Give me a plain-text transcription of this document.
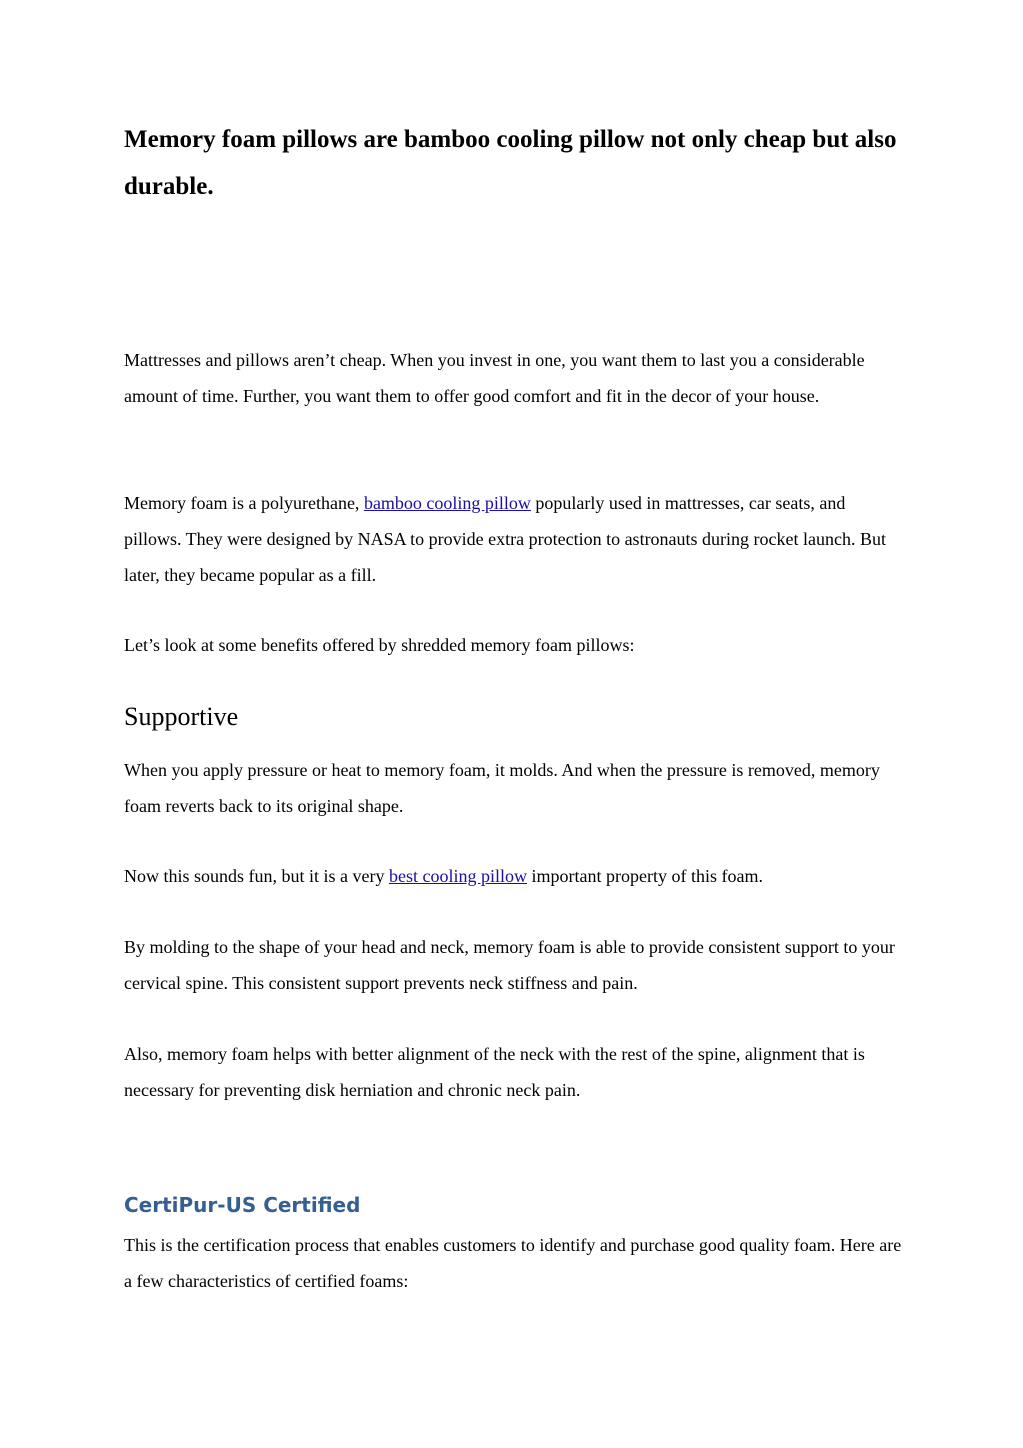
Memory foam pillows are bamboo cooling pillow not only cheap but also durable.

Mattresses and pillows aren’t cheap. When you invest in one, you want them to last you a considerable amount of time. Further, you want them to offer good comfort and fit in the decor of your house.

Memory foam is a polyurethane, bamboo cooling pillow popularly used in mattresses, car seats, and pillows. They were designed by NASA to provide extra protection to astronauts during rocket launch. But later, they became popular as a fill.

Let’s look at some benefits offered by shredded memory foam pillows:

Supportive

When you apply pressure or heat to memory foam, it molds. And when the pressure is removed, memory foam reverts back to its original shape.

Now this sounds fun, but it is a very best cooling pillow important property of this foam.

By molding to the shape of your head and neck, memory foam is able to provide consistent support to your cervical spine. This consistent support prevents neck stiffness and pain.

Also, memory foam helps with better alignment of the neck with the rest of the spine, alignment that is necessary for preventing disk herniation and chronic neck pain.

CertiPur-US Certified

This is the certification process that enables customers to identify and purchase good quality foam. Here are a few characteristics of certified foams:
